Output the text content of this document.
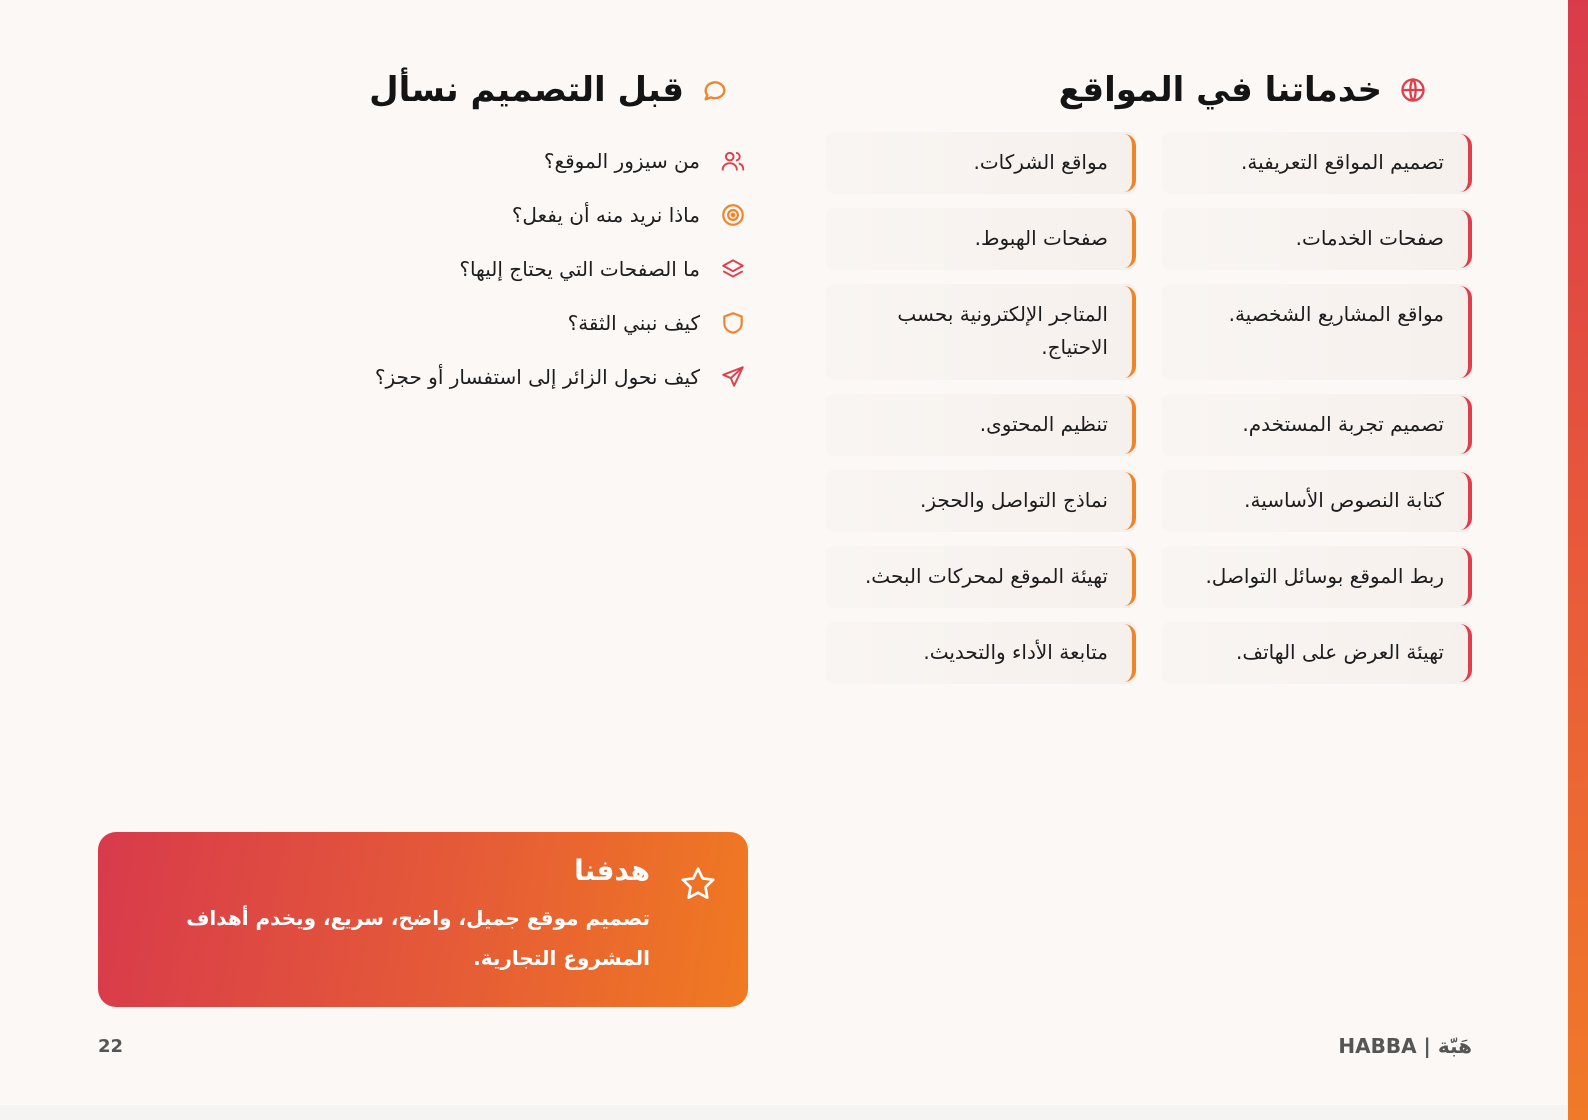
خدماتنا في المواقع
تصميم المواقع التعريفية.
مواقع الشركات.
صفحات الخدمات.
صفحات الهبوط.
مواقع المشاريع الشخصية.
المتاجر الإلكترونية بحسب الاحتياج.
تصميم تجربة المستخدم.
تنظيم المحتوى.
كتابة النصوص الأساسية.
نماذج التواصل والحجز.
ربط الموقع بوسائل التواصل.
تهيئة الموقع لمحركات البحث.
تهيئة العرض على الهاتف.
متابعة الأداء والتحديث.
قبل التصميم نسأل
من سيزور الموقع؟
ماذا نريد منه أن يفعل؟
ما الصفحات التي يحتاج إليها؟
كيف نبني الثقة؟
كيف نحول الزائر إلى استفسار أو حجز؟
هدفنا
تصميم موقع جميل، واضح، سريع، ويخدم أهداف المشروع التجارية.
22	HABBA | هَبّة
